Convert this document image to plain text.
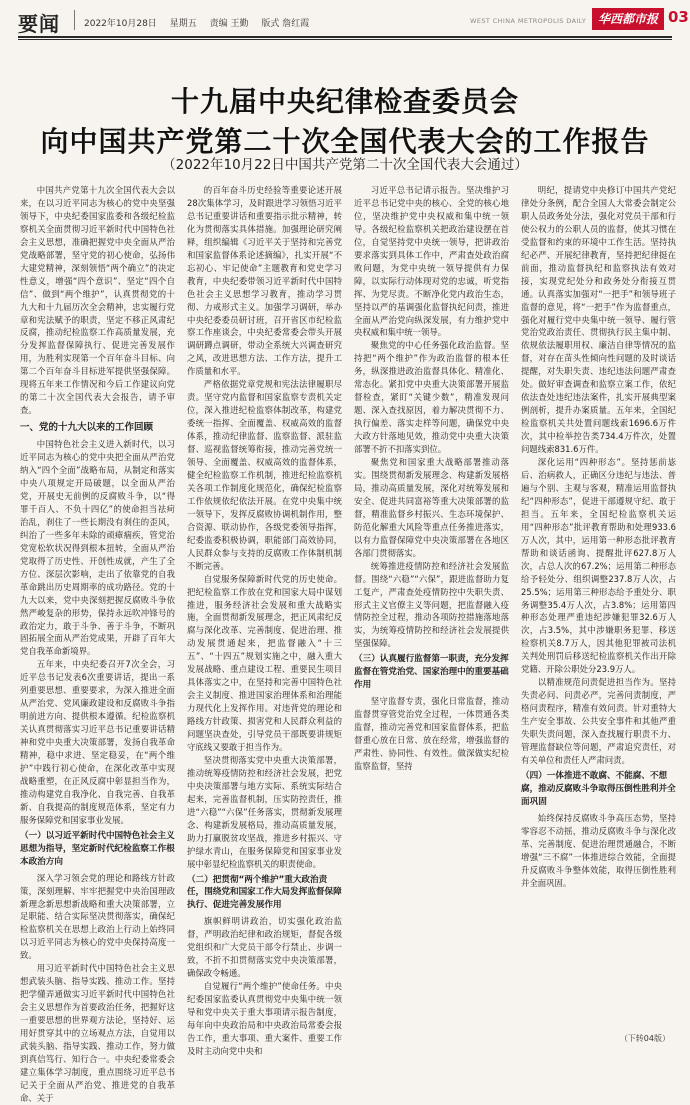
要闻	2022年10月28日 星期五 责编 王勤 版式 詹红霞	WEST CHINA METROPOLIS DAILY 华西都市报 03
十九届中央纪律检查委员会
向中国共产党第二十次全国代表大会的工作报告
（2022年10月22日中国共产党第二十次全国代表大会通过）

中国共产党第十九次全国代表大会以来，在以习近平同志为核心的党中央坚强领导下，中央纪委国家监委和各级纪检监察机关全面贯彻习近平新时代中国特色社会主义思想，准确把握党中央全面从严治党战略部署，坚守党的初心使命，弘扬伟大建党精神，深刻领悟“两个确立”的决定性意义，增强“四个意识”、坚定“四个自信”、做到“两个维护”，认真贯彻党的十九大和十九届历次全会精神，忠实履行党章和宪法赋予的职责，坚定不移正风肃纪反腐，推动纪检监察工作高质量发展，充分发挥监督保障执行、促进完善发展作用，为胜利实现第一个百年奋斗目标、向第二个百年奋斗目标进军提供坚强保障。现将五年来工作情况和今后工作建议向党的第二十次全国代表大会报告，请予审查。

一、党的十九大以来的工作回顾

中国特色社会主义进入新时代，以习近平同志为核心的党中央把全面从严治党纳入“四个全面”战略布局，从制定和落实中央八项规定开局破题，以全面从严治党，开展史无前例的反腐败斗争，以“得罪千百人、不负十四亿”的使命担当祛疴治乱，刹住了一些长期没有刹住的歪风，纠治了一些多年未除的顽瘴痼疾，管党治党宽松软状况得到根本扭转，全面从严治党取得了历史性、开创性成就，产生了全方位、深层次影响，走出了依靠党的自我革命跳出历史周期率的成功路径。党的十九大以来，党中央深刻把握反腐败斗争依然严峻复杂的形势，保持永远吹冲锋号的政治定力，敢于斗争、善于斗争，不断巩固拓展全面从严治党成果，开辟了百年大党自我革命新境界。

五年来，中央纪委召开7次全会，习近平总书记发表6次重要讲话，提出一系列重要思想、重要要求，为深入推进全面从严治党、党风廉政建设和反腐败斗争指明前进方向、提供根本遵循。纪检监察机关认真贯彻落实习近平总书记重要讲话精神和党中央重大决策部署，发扬自我革命精神，稳中求进、坚定稳妥，在“两个维护”中践行初心使命，在深化改革中实现战略重塑，在正风反腐中彰显担当作为，推动构建党自我净化、自我完善、自我革新、自我提高的制度规范体系，坚定有力服务保障党和国家事业发展。

（一）以习近平新时代中国特色社会主义思想为指导，坚定新时代纪检监察工作根本政治方向

深入学习领会党的理论和路线方针政策，深刻理解、牢牢把握党中央治国理政新理念新思想新战略和重大决策部署，立足职能、结合实际坚决贯彻落实，确保纪检监察机关在思想上政治上行动上始终同以习近平同志为核心的党中央保持高度一致。

用习近平新时代中国特色社会主义思想武装头脑、指导实践、推动工作。坚持把学懂弄通做实习近平新时代中国特色社会主义思想作为首要政治任务，把握好这一重要思想的世界观方法论，坚持好、运用好贯穿其中的立场观点方法，自觉用以武装头脑、指导实践、推动工作，努力做到真信笃行、知行合一。中央纪委常委会建立集体学习制度，重点围绕习近平总书记关于全面从严治党、推进党的自我革命、关于

的百年奋斗历史经验等重要论述开展28次集体学习，及时跟进学习领悟习近平总书记重要讲话和重要指示批示精神，转化为贯彻落实具体措施。加强理论研究阐释，组织编辑《习近平关于坚持和完善党和国家监督体系论述摘编》，扎实开展“不忘初心、牢记使命”主题教育和党史学习教育，中央纪委带领习近平新时代中国特色社会主义思想学习教育，推动学习贯彻、力戒形式主义。加强学习调研，举办中央纪委委员研讨班，召开省区市纪检监察工作座谈会，中央纪委常委会带头开展调研蹲点调研，带动全系统大兴调查研究之风，改进思想方法、工作方法，提升工作质量和水平。

严格依据党章党规和宪法法律履职尽责。坚守党内监督和国家监察专责机关定位，深入推进纪检监察体制改革，构建党委统一指挥、全面覆盖、权威高效的监督体系，推动纪律监督、监察监督、派驻监督、巡视监督统筹衔接，推动完善党统一领导、全面覆盖、权威高效的监督体系，健全纪检监察工作机制，推进纪检监察机关各项工作制度化规范化，确保纪检监察工作依规依纪依法开展。在党中央集中统一领导下，发挥反腐败协调机制作用，整合资源、联动协作，各级党委领导指挥，纪委监委积极协调，职能部门高效协同，人民群众参与支持的反腐败工作体制机制不断完善。

自觉服务保障新时代党的历史使命。把纪检监察工作放在党和国家大局中谋划推进，服务经济社会发展和重大战略实施，全面贯彻新发展理念，把正风肃纪反腐与深化改革、完善制度、促进治理、推动发展贯通起来，把监督融入“十三五”、“十四五”规划实施之中，融入重大发展战略、重点建设工程、重要民生项目具体落实之中，在坚持和完善中国特色社会主义制度、推进国家治理体系和治理能力现代化上发挥作用。对违背党的理论和路线方针政策、损害党和人民群众利益的问题坚决查处，引导党员干部既要讲规矩守底线又要敢于担当作为。

坚决贯彻落实党中央重大决策部署，推动统筹疫情防控和经济社会发展，把党中央决策部署与地方实际、系统实际结合起来，完善监督机制，压实防控责任，推进“六稳”“六保”任务落实，贯彻新发展理念、构建新发展格局，推动高质量发展，助力打赢脱贫攻坚战，推进乡村振兴、守护绿水青山，在服务保障党和国家事业发展中彰显纪检监察机关的职责使命。

（二）把贯彻“两个维护”重大政治责任，围绕党和国家工作大局发挥监督保障执行、促进完善发展作用

旗帜鲜明讲政治，切实强化政治监督，严明政治纪律和政治规矩，督促各级党组织和广大党员干部令行禁止、步调一致，不折不扣贯彻落实党中央决策部署，确保政令畅通。

自觉履行“两个维护”使命任务。中央纪委国家监委认真贯彻党中央集中统一领导和党中央关于重大事项请示报告制度，每年向中央政治局和中央政治局常委会报告工作，重大事项、重大案件、重要工作及时主动向党中央和

习近平总书记请示报告。坚决维护习近平总书记党中央的核心、全党的核心地位，坚决维护党中央权威和集中统一领导。各级纪检监察机关把政治建设摆在首位，自觉坚持党中央统一领导，把讲政治要求落实到具体工作中，严肃查处政治腐败问题，为党中央统一领导提供有力保障，以实际行动体现对党的忠诚，听党指挥、为党尽责。不断净化党内政治生态，坚持以严的基调强化监督执纪问责，推进全面从严治党向纵深发展，有力维护党中央权威和集中统一领导。

聚焦党的中心任务强化政治监督。坚持把“两个维护”作为政治监督的根本任务，纵深推进政治监督具体化、精准化、常态化。紧扣党中央重大决策部署开展监督检查，紧盯“关键少数”，精准发现问题、深入查找原因，着力解决贯彻不力、执行偏差、落实走样等问题，确保党中央大政方针落地见效，推动党中央重大决策部署不折不扣落实到位。

聚焦党和国家重大战略部署推动落实。围绕贯彻新发展理念、构建新发展格局，推动高质量发展，深化对统筹发展和安全、促进共同富裕等重大决策部署的监督，精准监督乡村振兴、生态环境保护、防范化解重大风险等重点任务推进落实，以有力监督保障党中央决策部署在各地区各部门贯彻落实。

统筹推进疫情防控和经济社会发展监督。围绕“六稳”“六保”，跟进监督助力复工复产，严肃查处疫情防控中失职失责、形式主义官僚主义等问题，把监督融入疫情防控全过程，推动各项防控措施落地落实，为统筹疫情防控和经济社会发展提供坚强保障。

（三）认真履行监督第一职责，充分发挥监督在管党治党、国家治理中的重要基础作用

坚守监督专责，强化日常监督，推动监督贯穿管党治党全过程，一体贯通各类监督，推动完善党和国家监督体系，把监督重心放在日常、放在经常，增强监督的严肃性、协同性、有效性。做深做实纪检监察监督，坚持

明纪，提请党中央修订中国共产党纪律处分条例，配合全国人大常委会制定公职人员政务处分法，强化对党员干部和行使公权力的公职人员的监督，使其习惯在受监督和约束的环境中工作生活。坚持执纪必严、开展纪律教育，坚持把纪律挺在前面，推动监督执纪和监察执法有效对接，实现党纪处分和政务处分衔接互贯通。认真落实加强对“一把手”和领导班子监督的意见，将“一把手”作为监督重点，强化对履行党中央集中统一领导、履行管党治党政治责任、贯彻执行民主集中制、依规依法履职用权、廉洁自律等情况的监督，对存在苗头性倾向性问题的及时谈话提醒，对失职失责、违纪违法问题严肃查处。做好审查调查和监察立案工作，依纪依法查处违纪违法案件，扎实开展典型案例剖析，提升办案质量。五年来，全国纪检监察机关共处置问题线索1696.6万件次，其中检举控告类734.4万件次，处置问题线索831.6万件。

深化运用“四种形态”。坚持惩前毖后、治病救人，正确区分违纪与违法、普遍与个别、主观与客观，精准运用监督执纪“四种形态”，促进干部遵规守纪、敢于担当。五年来，全国纪检监察机关运用“四种形态”批评教育帮助和处理933.6万人次，其中，运用第一种形态批评教育帮助和谈话函询、提醒批评627.8万人次，占总人次的67.2%；运用第二种形态给予轻处分、组织调整237.8万人次，占25.5%；运用第三种形态给予重处分、职务调整35.4万人次，占3.8%；运用第四种形态处理严重违纪涉嫌犯罪32.6万人次，占3.5%，其中涉嫌职务犯罪、移送检察机关8.7万人，因其他犯罪被司法机关判处刑罚后移送纪检监察机关作出开除党籍、开除公职处分23.9万人。

以精准规范问责促进担当作为。坚持失责必问、问责必严，完善问责制度，严格问责程序，精准有效问责。针对重特大生产安全事故、公共安全事件和其他严重失职失责问题，深入查找履行职责不力、管理监督缺位等问题，严肃追究责任，对有关单位和责任人严肃问责。

（四）一体推进不敢腐、不能腐、不想腐，推动反腐败斗争取得压倒性胜利并全面巩固

始终保持反腐败斗争高压态势，坚持零容忍不动摇，推动反腐败斗争与深化改革、完善制度、促进治理贯通融合，不断增强“三不腐”一体推进综合效能，全面提升反腐败斗争整体效能，取得压倒性胜利并全面巩固。

（下转04版）
